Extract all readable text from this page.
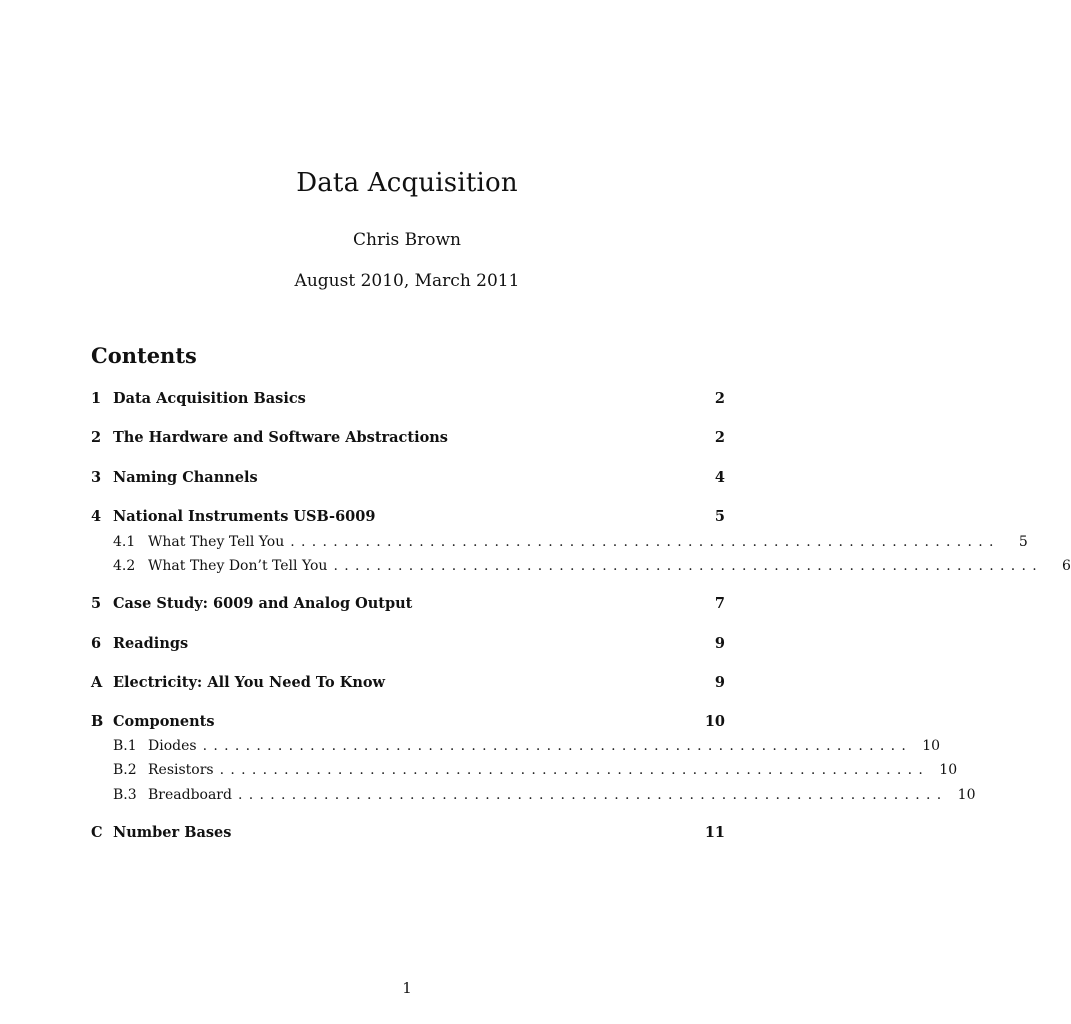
Data Acquisition
Chris Brown
August 2010, March 2011
Contents
1 Data Acquisition Basics	2
2 The Hardware and Software Abstractions	2
3 Naming Channels	4
4 National Instruments USB-6009	5
4.1 What They Tell You ..................................................................	5
4.2 What They Don’t Tell You ..................................................................	6
5 Case Study: 6009 and Analog Output	7
6 Readings	9
A Electricity: All You Need To Know	9
B Components	10
B.1 Diodes .................................................................. 10
B.2 Resistors .................................................................. 10
B.3 Breadboard .................................................................. 10
C Number Bases	11
1
